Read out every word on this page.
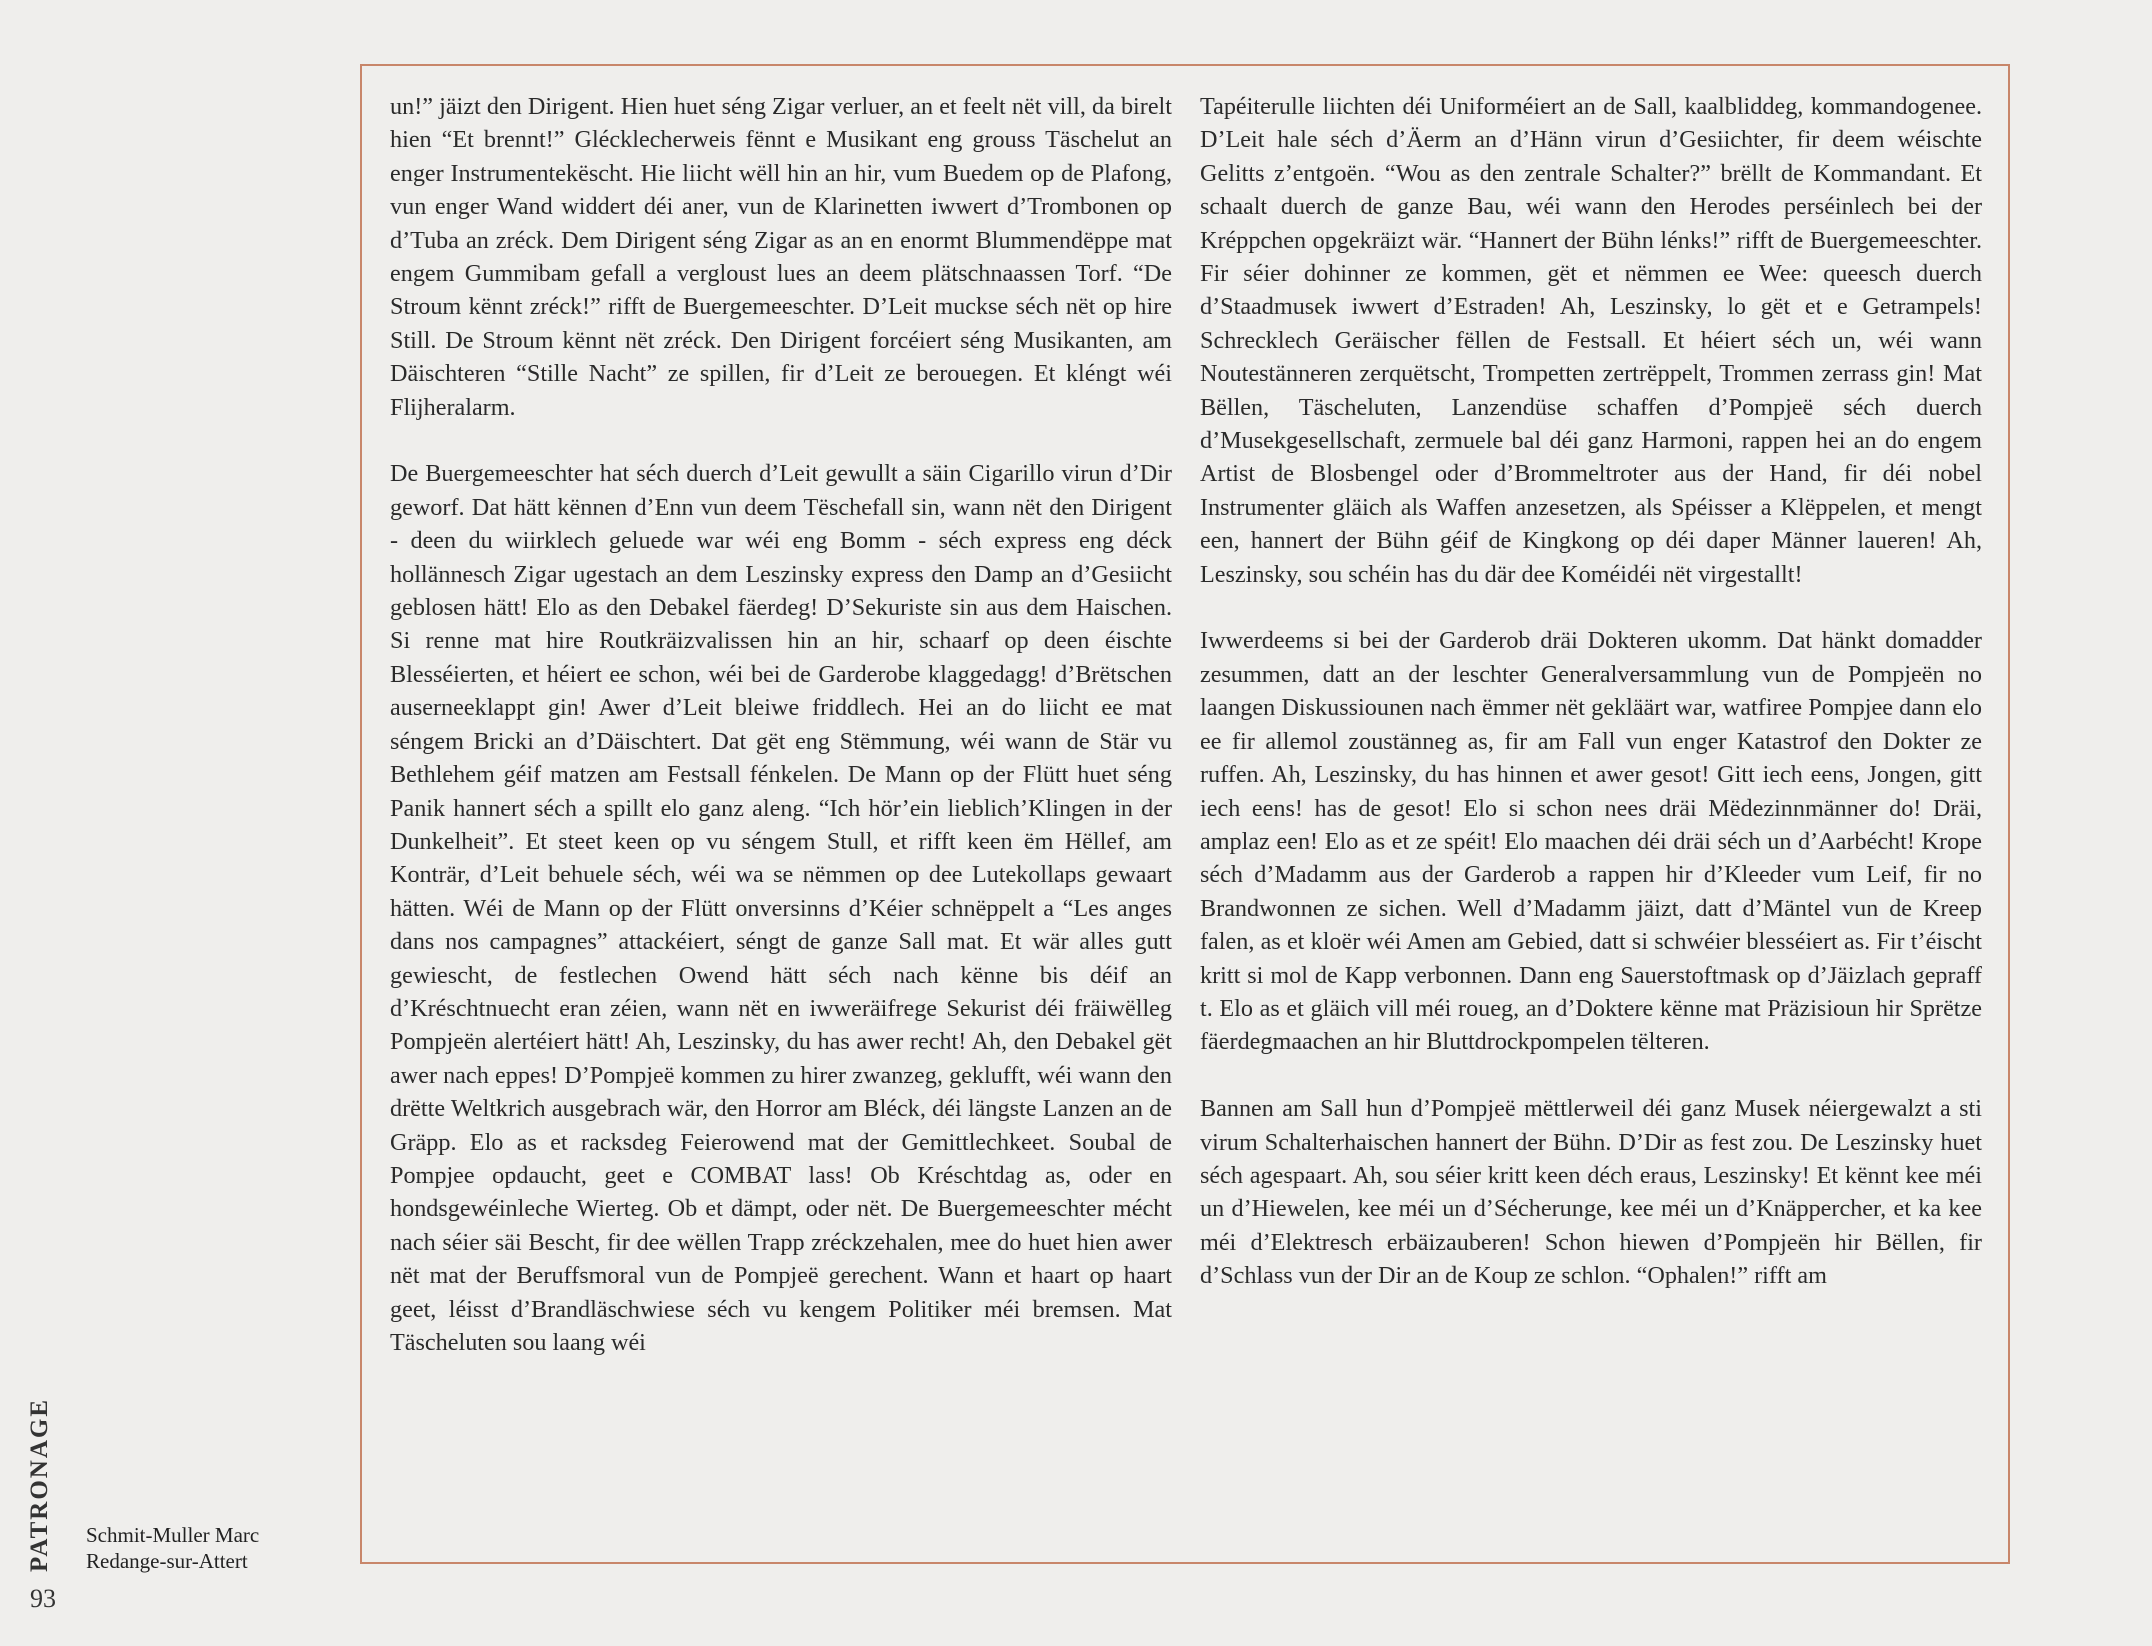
un!” jäizt den Dirigent. Hien huet séng Zigar verluer, an et feelt nët vill, da birelt hien “Et brennt!” Glécklecherweis fënnt e Musikant eng grouss Täschelut an enger Instrumentekëscht. Hie liicht wëll hin an hir, vum Buedem op de Plafong, vun enger Wand widdert déi aner, vun de Klarinetten iwwert d’Trombonen op d’Tuba an zréck. Dem Dirigent séng Zigar as an en enormt Blummendëppe mat engem Gummibam gefall a vergloust lues an deem plätschnaassen Torf. “De Stroum kënnt zréck!” rifft de Buergemeeschter. D’Leit muckse séch nët op hire Still. De Stroum kënnt nët zréck. Den Dirigent forcéiert séng Musikanten, am Däischteren “Stille Nacht” ze spillen, fir d’Leit ze berouegen. Et kléngt wéi Flijheralarm.

De Buergemeeschter hat séch duerch d’Leit gewullt a säin Cigarillo virun d’Dir geworf. Dat hätt kënnen d’Enn vun deem Tëschefall sin, wann nët den Dirigent - deen du wiirklech geluede war wéi eng Bomm - séch express eng déck hollännesch Zigar ugestach an dem Leszinsky express den Damp an d’Gesiicht geblosen hätt! Elo as den Debakel fäerdeg! D’Sekuriste sin aus dem Haischen. Si renne mat hire Routkräizvalissen hin an hir, schaarf op deen éischte Blesséierten, et héiert ee schon, wéi bei de Garderobe klaggedagg! d’Brëtschen auserneeklappt gin! Awer d’Leit bleiwe friddlech. Hei an do liicht ee mat séngem Bricki an d’Däischtert. Dat gët eng Stëmmung, wéi wann de Stär vu Bethlehem géif matzen am Festsall fénkelen. De Mann op der Flütt huet séng Panik hannert séch a spillt elo ganz aleng. “Ich hör’ein lieblich’Klingen in der Dunkelheit”. Et steet keen op vu séngem Stull, et rifft keen ëm Hëllef, am Konträr, d’Leit behuele séch, wéi wa se nëmmen op dee Lutekollaps gewaart hätten. Wéi de Mann op der Flütt onversinns d’Kéier schnëppelt a “Les anges dans nos campagnes” attackéiert, séngt de ganze Sall mat. Et wär alles gutt gewiescht, de festlechen Owend hätt séch nach kënne bis déif an d’Kréschtnuecht eran zéien, wann nët en iwweräifrege Sekurist déi fräiwëlleg Pompjeën alertéiert hätt! Ah, Leszinsky, du has awer recht! Ah, den Debakel gët awer nach eppes! D’Pompjeë kommen zu hirer zwanzeg, geklufft, wéi wann den drëtte Weltkrich ausgebrach wär, den Horror am Bléck, déi längste Lanzen an de Gräpp. Elo as et racksdeg Feierowend mat der Gemittlechkeet. Soubal de Pompjee opdaucht, geet e COMBAT lass! Ob Kréschtdag as, oder en hondsgewéinleche Wierteg. Ob et dämpt, oder nët. De Buergemeeschter mécht nach séier säi Bescht, fir dee wëllen Trapp zréckzehalen, mee do huet hien awer nët mat der Beruffsmoral vun de Pompjeë gerechent. Wann et haart op haart geet, léisst d’Brandläschwiese séch vu kengem Politiker méi bremsen. Mat Täscheluten sou laang wéi

Tapéiterulle liichten déi Uniforméiert an de Sall, kaalbliddeg, kommandogenee. D’Leit hale séch d’Äerm an d’Hänn virun d’Gesiichter, fir deem wéischte Gelitts z’entgoën. “Wou as den zentrale Schalter?” brëllt de Kommandant. Et schaalt duerch de ganze Bau, wéi wann den Herodes perséinlech bei der Kréppchen opgekräizt wär. “Hannert der Bühn lénks!” rifft de Buergemeeschter. Fir séier dohinner ze kommen, gët et nëmmen ee Wee: queesch duerch d’Staadmusek iwwert d’Estraden! Ah, Leszinsky, lo gët et e Getrampels! Schrecklech Geräischer fëllen de Festsall. Et héiert séch un, wéi wann Noutestänneren zerquëtscht, Trompetten zertrëppelt, Trommen zerrass gin! Mat Bëllen, Täscheluten, Lanzendüse schaffen d’Pompjeë séch duerch d’Musekgesellschaft, zermuele bal déi ganz Harmoni, rappen hei an do engem Artist de Blosbengel oder d’Brommeltroter aus der Hand, fir déi nobel Instrumenter gläich als Waffen anzesetzen, als Spéisser a Klëppelen, et mengt een, hannert der Bühn géif de Kingkong op déi daper Männer laueren! Ah, Leszinsky, sou schéin has du där dee Koméidéi nët virgestallt!

Iwwerdeems si bei der Garderob dräi Dokteren ukomm. Dat hänkt domadder zesummen, datt an der leschter Generalversammlung vun de Pompjeën no laangen Diskussiounen nach ëmmer nët gekläärt war, watfiree Pompjee dann elo ee fir allemol zoustänneg as, fir am Fall vun enger Katastrof den Dokter ze ruffen. Ah, Leszinsky, du has hinnen et awer gesot! Gitt iech eens, Jongen, gitt iech eens! has de gesot! Elo si schon nees dräi Mëdezinnmänner do! Dräi, amplaz een! Elo as et ze spéit! Elo maachen déi dräi séch un d’Aarbécht! Krope séch d’Madamm aus der Garderob a rappen hir d’Kleeder vum Leif, fir no Brandwonnen ze sichen. Well d’Madamm jäizt, datt d’Mäntel vun de Kreep falen, as et kloër wéi Amen am Gebied, datt si schwéier blesséiert as. Fir t’éischt kritt si mol de Kapp verbonnen. Dann eng Sauerstoftmask op d’Jäizlach gepraff t. Elo as et gläich vill méi roueg, an d’Doktere kënne mat Präzisioun hir Sprëtze fäerdegmaachen an hir Bluttdrockpompelen tëlteren.

Bannen am Sall hun d’Pompjeë mëttlerweil déi ganz Musek néiergewalzt a sti virum Schalterhaischen hannert der Bühn. D’Dir as fest zou. De Leszinsky huet séch agespaart. Ah, sou séier kritt keen déch eraus, Leszinsky! Et kënnt kee méi un d’Hiewelen, kee méi un d’Sécherunge, kee méi un d’Knäppercher, et ka kee méi d’Elektresch erbäizauberen! Schon hiewen d’Pompjeën hir Bëllen, fir d’Schlass vun der Dir an de Koup ze schlon. “Ophalen!” rifft am

PATRONAGE Schmit-Muller Marc
Redange-sur-Attert
93
